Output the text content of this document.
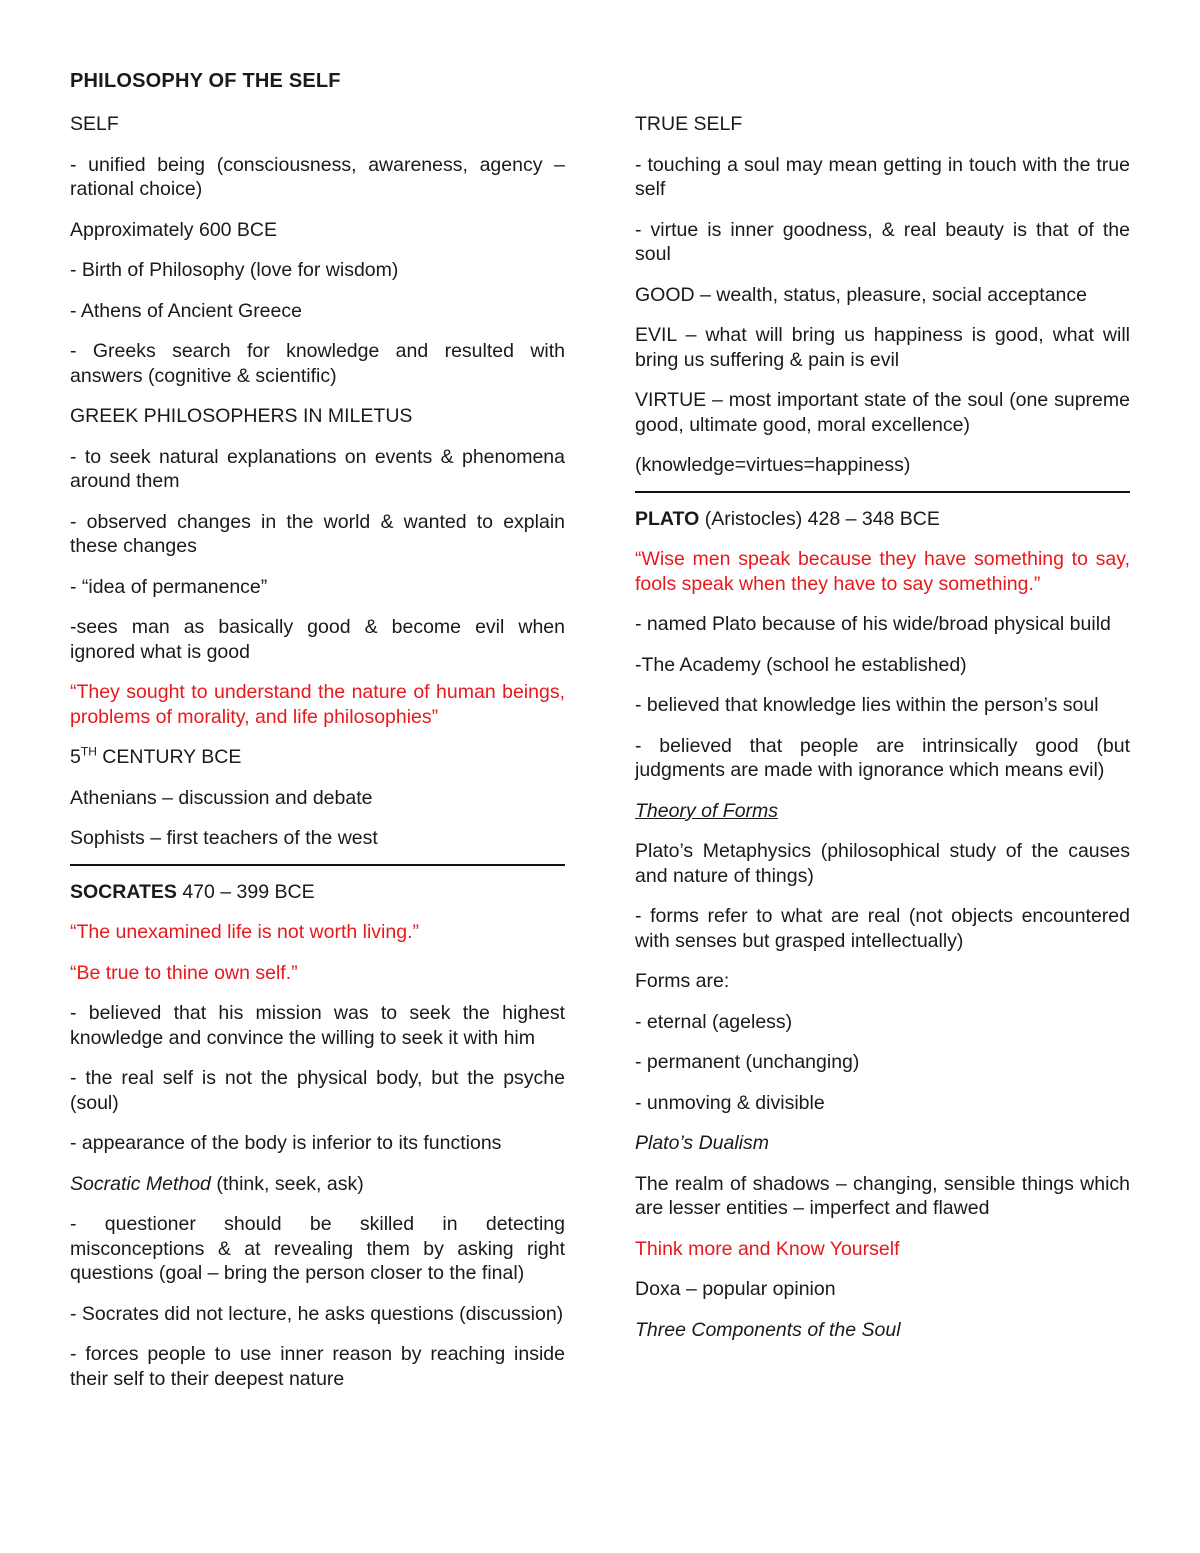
PHILOSOPHY OF THE SELF

SELF

- unified being (consciousness, awareness, agency – rational choice)

Approximately 600 BCE

- Birth of Philosophy (love for wisdom)

- Athens of Ancient Greece

- Greeks search for knowledge and resulted with answers (cognitive & scientific)

GREEK PHILOSOPHERS IN MILETUS

- to seek natural explanations on events & phenomena around them

- observed changes in the world & wanted to explain these changes

- “idea of permanence”

-sees man as basically good & become evil when ignored what is good

“They sought to understand the nature of human beings, problems of morality, and life philosophies”

5TH CENTURY BCE

Athenians – discussion and debate

Sophists – first teachers of the west

SOCRATES 470 – 399 BCE

“The unexamined life is not worth living.”

“Be true to thine own self.”

- believed that his mission was to seek the highest knowledge and convince the willing to seek it with him

- the real self is not the physical body, but the psyche (soul)

- appearance of the body is inferior to its functions

Socratic Method (think, seek, ask)

- questioner should be skilled in detecting misconceptions & at revealing them by asking right questions (goal – bring the person closer to the final)

- Socrates did not lecture, he asks questions (discussion)

- forces people to use inner reason by reaching inside their self to their deepest nature

TRUE SELF

- touching a soul may mean getting in touch with the true self

- virtue is inner goodness, & real beauty is that of the soul

GOOD – wealth, status, pleasure, social acceptance

EVIL – what will bring us happiness is good, what will bring us suffering & pain is evil

VIRTUE – most important state of the soul (one supreme good, ultimate good, moral excellence)

(knowledge=virtues=happiness)

PLATO (Aristocles) 428 – 348 BCE

“Wise men speak because they have something to say, fools speak when they have to say something.”

- named Plato because of his wide/broad physical build

-The Academy (school he established)

- believed that knowledge lies within the person’s soul

- believed that people are intrinsically good (but judgments are made with ignorance which means evil)

Theory of Forms

Plato’s Metaphysics (philosophical study of the causes and nature of things)

- forms refer to what are real (not objects encountered with senses but grasped intellectually)

Forms are:

- eternal (ageless)

- permanent (unchanging)

- unmoving & divisible

Plato’s Dualism

The realm of shadows – changing, sensible things which are lesser entities – imperfect and flawed

Think more and Know Yourself

Doxa – popular opinion

Three Components of the Soul
